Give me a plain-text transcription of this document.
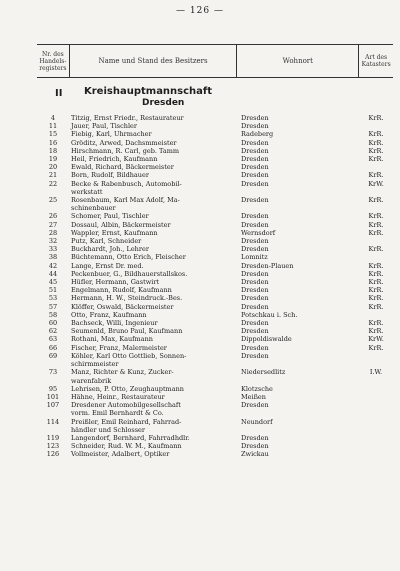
— 126 —
Nr. des Handels-registers
Name und Stand des Besitzers	Wohnort	Art des Katasters
II Kreishauptmannschaft
Dresden
4	Titzig, Ernst Friedr., Restaurateur	Dresden	KrR.
11	Jauer, Paul, Tischler	Dresden
15	Fiebig, Karl, Uhrmacher	Radeberg	KrR.
16	Gröditz, Arwed, Dachsmmeister	Dresden	KrR.
18	Hirschmann, R. Carl, geb. Tamm	Dresden	KrR.
19	Heil, Friedrich, Kaufmann	Dresden	KrR.
20	Ewald, Richard, Bäckermeister	Dresden
21	Born, Rudolf, Bildhauer	Dresden	KrR.
22	Becke & Rabenbusch, Automobil-	Dresden	KrW.
werkstatt
25	Rosenbaum, Karl Max Adolf, Ma-	Dresden	KrR.
schinenbauer
26	Schomer, Paul, Tischler	Dresden	KrR.
27	Dossaul, Albin, Bäckermeister	Dresden	KrR.
28	Wappler, Ernst, Kaufmann	Wernsdorf	KrR.
32	Putz, Karl, Schneider	Dresden
33	Buckhardt, Joh., Lehrer	Dresden	KrR.
38	Büchtemann, Otto Erich, Fleischer	Lomnitz
42	Lange, Ernst Dr. med.	Dresden-Plauen	KrR.
44	Peckenbuer, G., Bildhauerstallskos.	Dresden	KrR.
45	Hüfler, Hermann, Gastwirt	Dresden	KrR.
51	Engelmann, Rudolf, Kaufmann	Dresden	KrR.
53	Hermann, H. W., Steindruck.-Bes.	Dresden	KrR.
57	Klöffer, Oswald, Bäckermeister	Dresden	KrR.
58	Otto, Franz, Kaufmann	Potschkau i. Sch.
60	Bachseck, Willi, Ingenieur	Dresden	KrR.
62	Seumenld, Bruno Paul, Kaufmann	Dresden	KrR.
63	Rothani, Max, Kaufmann	Dippoldiswalde	KrW.
66	Fischer, Franz, Malermeister	Dresden	KrR.
69	Köhler, Karl Otto Gottlieb, Sonnen-	Dresden
schirmmeister
73	Manz, Richter & Kunz, Zucker-	Niedersedlitz	I.W.
warenfabrik
95	Lehrisen, P. Otto, Zeughauptmann	Klotzsche
101	Hähne, Heinr., Restaurateur	Meißen
107	Dresdener Automobilgesellschaft	Dresden
vorm. Emil Bernhardt & Co.
114	Preißler, Emil Reinhard, Fahrrad-	Neundorf
händler und Schlosser
119	Langendorf, Bernhard, Fahrradhdlr.	Dresden
123	Schneider, Rud. W. M., Kaufmann	Dresden
126	Vollmeister, Adalbert, Optiker	Zwickau
